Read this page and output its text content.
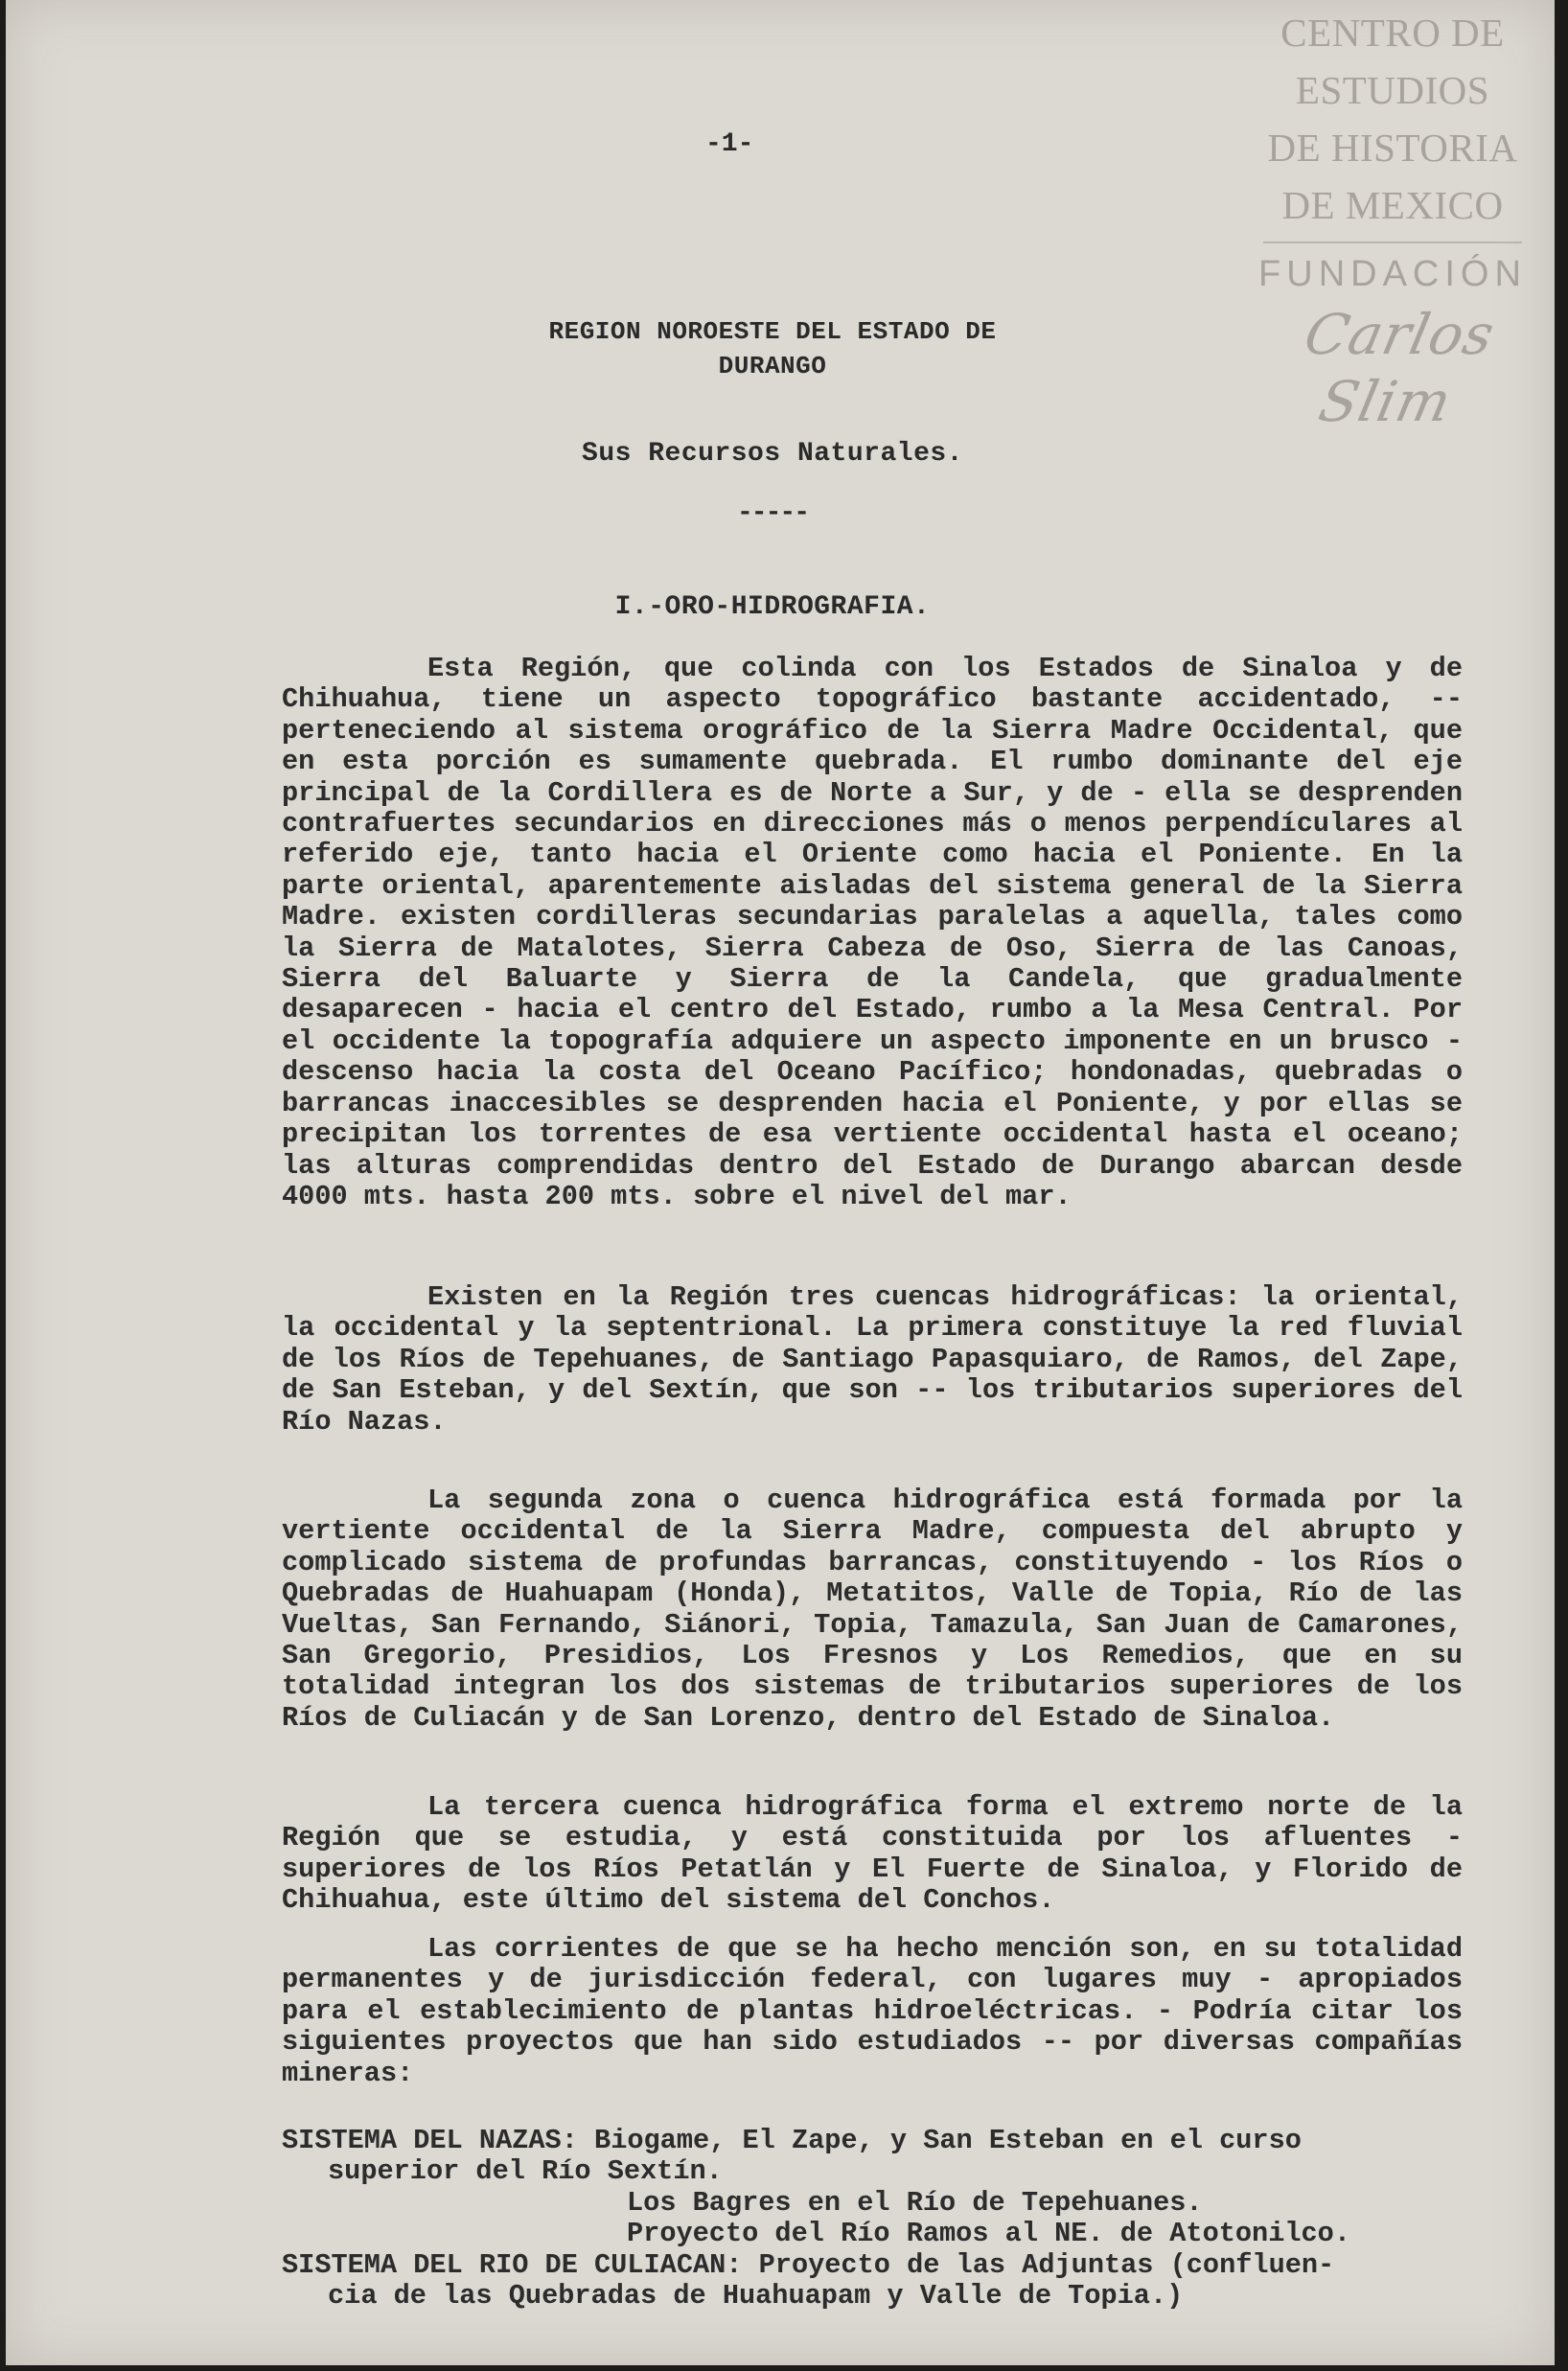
CENTRO DE
ESTUDIOS
DE HISTORIA
DE MEXICO
FUNDACIÓN
Carlos Slim
-1-
REGION NOROESTE DEL ESTADO DE
DURANGO
Sus Recursos Naturales.
-----
I.-ORO-HIDROGRAFIA.

Esta Región, que colinda con los Estados de Sinaloa y de Chihuahua, tiene un aspecto topográfico bastante accidentado, -- perteneciendo al sistema orográfico de la Sierra Madre Occidental, que en esta porción es sumamente quebrada. El rumbo dominante del eje principal de la Cordillera es de Norte a Sur, y de - ella se desprenden contrafuertes secundarios en direcciones más o menos perpendículares al referido eje, tanto hacia el Oriente como hacia el Poniente. En la parte oriental, aparentemente aisladas del sistema general de la Sierra Madre. existen cordilleras secundarias paralelas a aquella, tales como la Sierra de Matalotes, Sierra Cabeza de Oso, Sierra de las Canoas, Sierra del Baluarte y Sierra de la Candela, que gradualmente desaparecen - hacia el centro del Estado, rumbo a la Mesa Central. Por el occidente la topografía adquiere un aspecto imponente en un brusco - descenso hacia la costa del Oceano Pacífico; hondonadas, quebradas o barrancas inaccesibles se desprenden hacia el Poniente, y por ellas se precipitan los torrentes de esa vertiente occidental hasta el oceano; las alturas comprendidas dentro del Estado de Durango abarcan desde 4000 mts. hasta 200 mts. sobre el nivel del mar.

Existen en la Región tres cuencas hidrográficas: la oriental, la occidental y la septentrional. La primera constituye la red fluvial de los Ríos de Tepehuanes, de Santiago Papasquiaro, de Ramos, del Zape, de San Esteban, y del Sextín, que son -- los tributarios superiores del Río Nazas.

La segunda zona o cuenca hidrográfica está formada por la vertiente occidental de la Sierra Madre, compuesta del abrupto y complicado sistema de profundas barrancas, constituyendo - los Ríos o Quebradas de Huahuapam (Honda), Metatitos, Valle de Topia, Río de las Vueltas, San Fernando, Siánori, Topia, Tamazula, San Juan de Camarones, San Gregorio, Presidios, Los Fresnos y Los Remedios, que en su totalidad integran los dos sistemas de tributarios superiores de los Ríos de Culiacán y de San Lorenzo, dentro del Estado de Sinaloa.

La tercera cuenca hidrográfica forma el extremo norte de la Región que se estudia, y está constituida por los afluentes - superiores de los Ríos Petatlán y El Fuerte de Sinaloa, y Florido de Chihuahua, este último del sistema del Conchos.

Las corrientes de que se ha hecho mención son, en su totalidad permanentes y de jurisdicción federal, con lugares muy - apropiados para el establecimiento de plantas hidroeléctricas. - Podría citar los siguientes proyectos que han sido estudiados -- por diversas compañías mineras:

SISTEMA DEL NAZAS: Biogame, El Zape, y San Esteban en el curso
superior del Río Sextín.
Los Bagres en el Río de Tepehuanes.
Proyecto del Río Ramos al NE. de Atotonilco.
SISTEMA DEL RIO DE CULIACAN: Proyecto de las Adjuntas (confluen-
cia de las Quebradas de Huahuapam y Valle de Topia.)
